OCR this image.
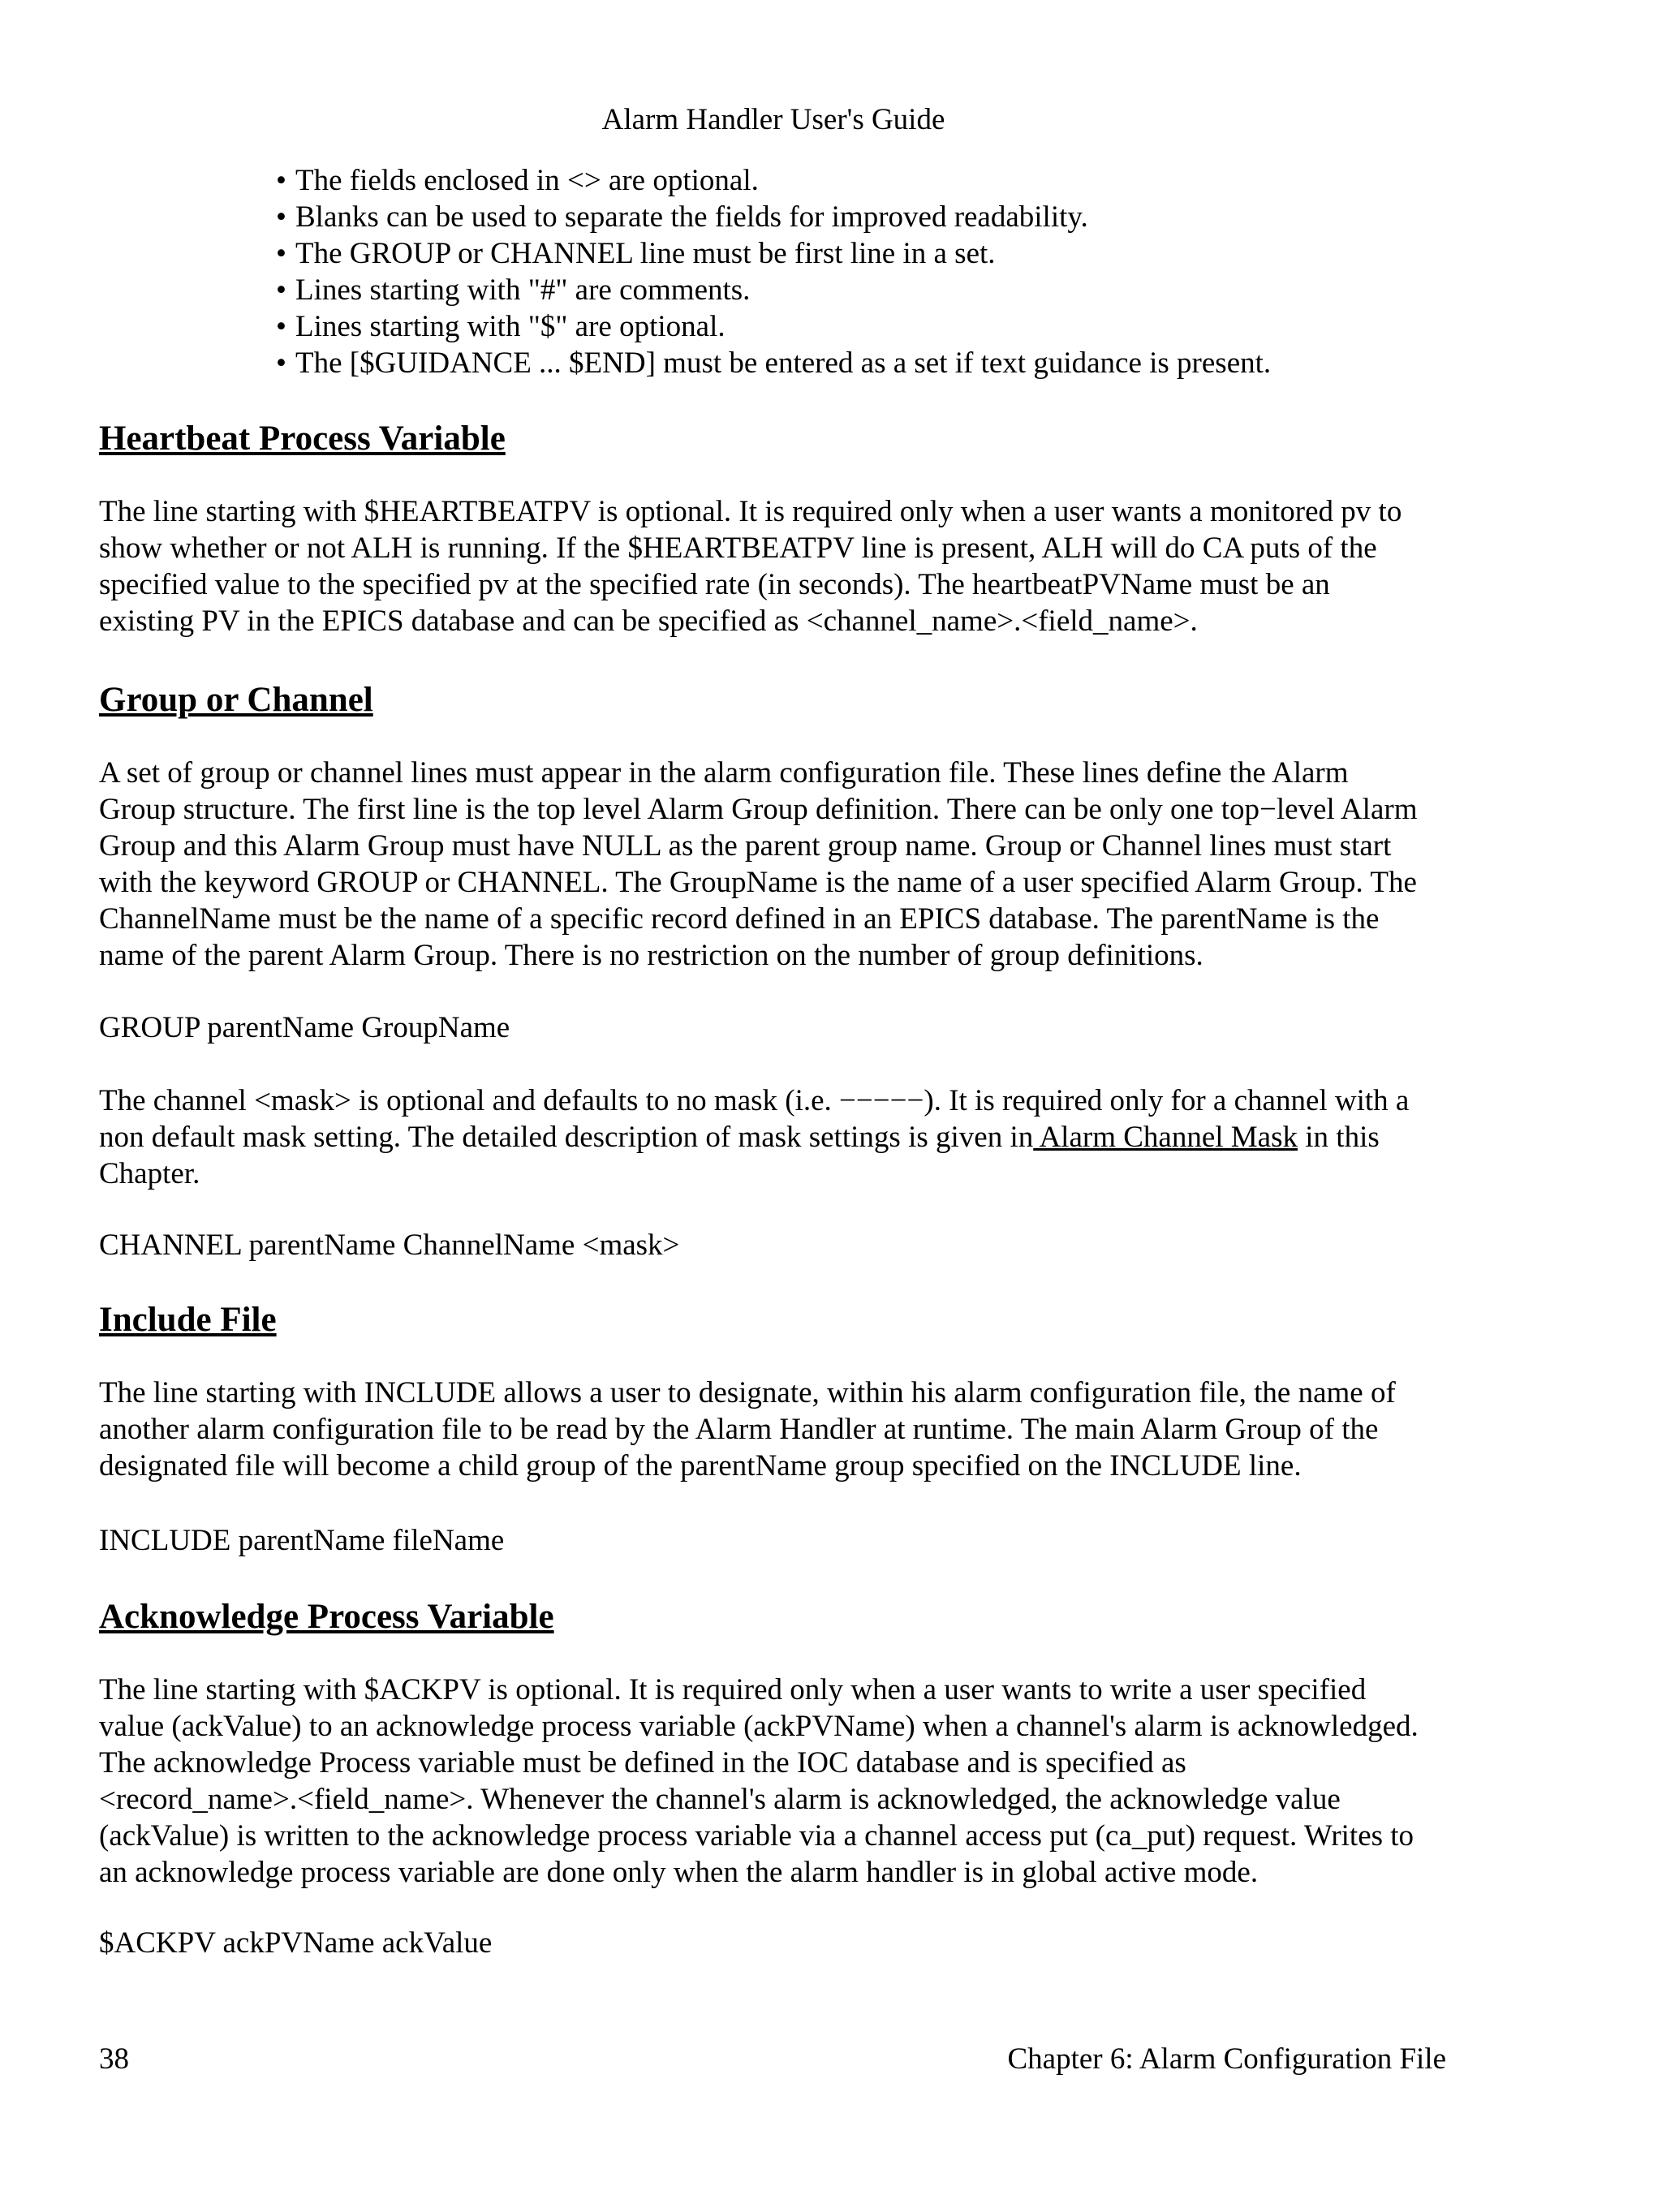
Alarm Handler User's Guide
• The fields enclosed in <> are optional.
• Blanks can be used to separate the fields for improved readability.
• The GROUP or CHANNEL line must be first line in a set.
• Lines starting with "#" are comments.
• Lines starting with "$" are optional.
• The [$GUIDANCE ... $END] must be entered as a set if text guidance is present.
Heartbeat Process Variable

The line starting with $HEARTBEATPV is optional. It is required only when a user wants a monitored pv to
show whether or not ALH is running. If the $HEARTBEATPV line is present, ALH will do CA puts of the
specified value to the specified pv at the specified rate (in seconds). The heartbeatPVName must be an
existing PV in the EPICS database and can be specified as <channel_name>.<field_name>.

Group or Channel

A set of group or channel lines must appear in the alarm configuration file. These lines define the Alarm
Group structure. The first line is the top level Alarm Group definition. There can be only one top−level Alarm
Group and this Alarm Group must have NULL as the parent group name. Group or Channel lines must start
with the keyword GROUP or CHANNEL. The GroupName is the name of a user specified Alarm Group. The
ChannelName must be the name of a specific record defined in an EPICS database. The parentName is the
name of the parent Alarm Group. There is no restriction on the number of group definitions.

GROUP parentName GroupName

The channel <mask> is optional and defaults to no mask (i.e. −−−−−). It is required only for a channel with a
non default mask setting. The detailed description of mask settings is given in Alarm Channel Mask in this
Chapter.

CHANNEL parentName ChannelName <mask>

Include File

The line starting with INCLUDE allows a user to designate, within his alarm configuration file, the name of
another alarm configuration file to be read by the Alarm Handler at runtime. The main Alarm Group of the
designated file will become a child group of the parentName group specified on the INCLUDE line.

INCLUDE parentName fileName

Acknowledge Process Variable

The line starting with $ACKPV is optional. It is required only when a user wants to write a user specified
value (ackValue) to an acknowledge process variable (ackPVName) when a channel's alarm is acknowledged.
The acknowledge Process variable must be defined in the IOC database and is specified as
<record_name>.<field_name>. Whenever the channel's alarm is acknowledged, the acknowledge value
(ackValue) is written to the acknowledge process variable via a channel access put (ca_put) request. Writes to
an acknowledge process variable are done only when the alarm handler is in global active mode.

$ACKPV ackPVName ackValue

38	Chapter 6: Alarm Configuration File
